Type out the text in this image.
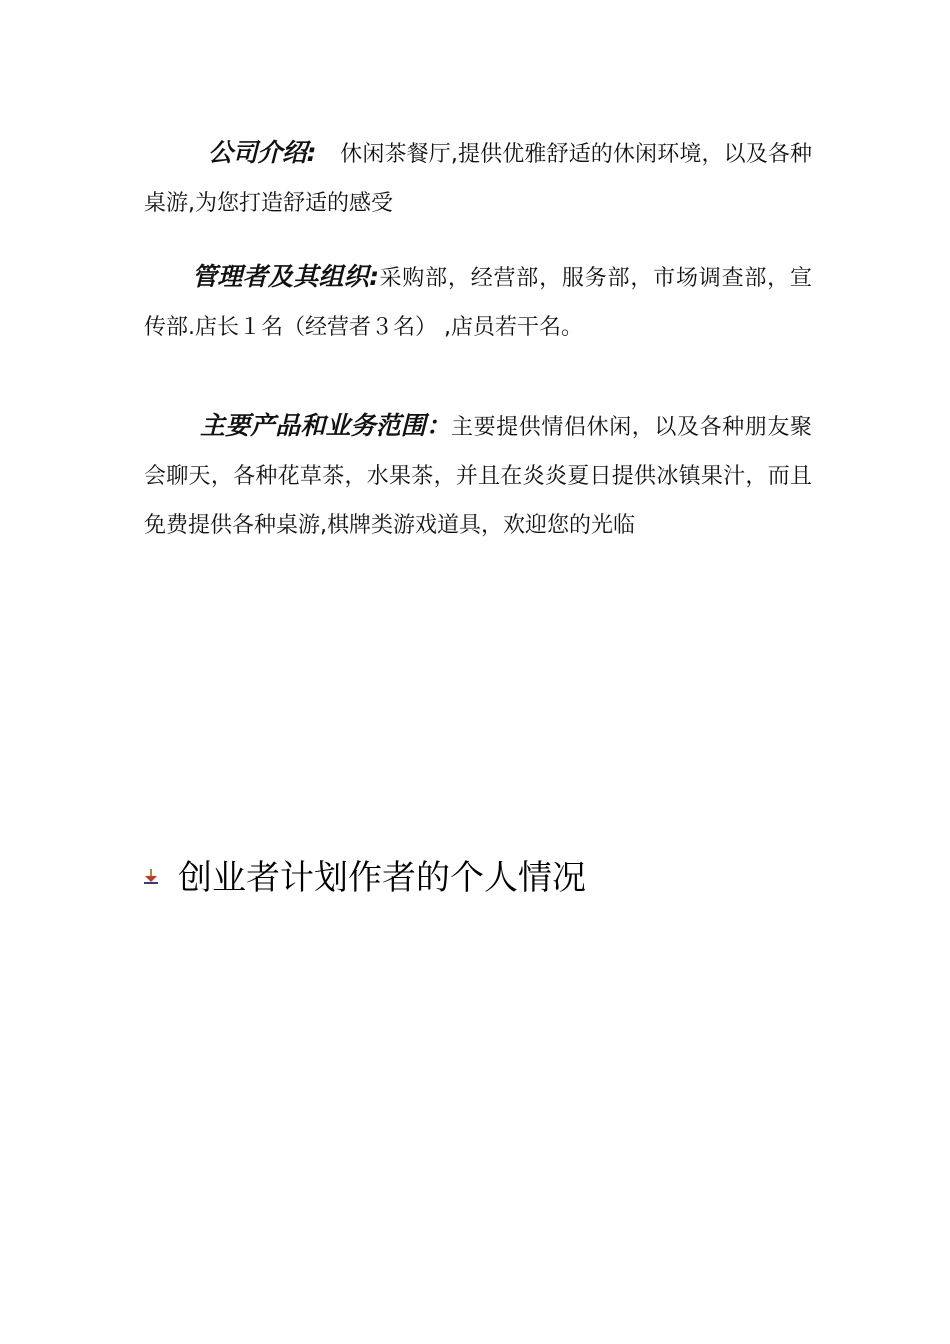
公司介绍: 休闲茶餐厅,提供优雅舒适的休闲环境，以及各种桌游,为您打造舒适的感受

管理者及其组织:采购部，经营部，服务部，市场调查部，宣传部.店长１名（经营者３名） ,店员若干名。

主要产品和业务范围：主要提供情侣休闲，以及各种朋友聚会聊天，各种花草茶，水果茶，并且在炎炎夏日提供冰镇果汁，而且免费提供各种桌游,棋牌类游戏道具，欢迎您的光临

创业者计划作者的个人情况
